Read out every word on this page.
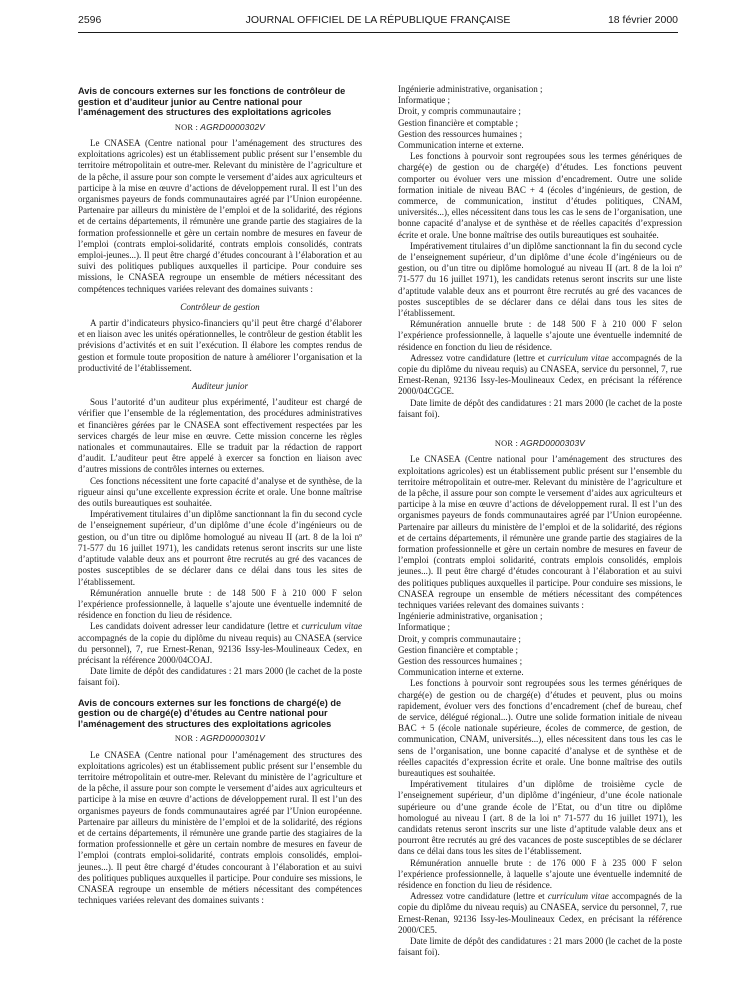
2596	JOURNAL OFFICIEL DE LA RÉPUBLIQUE FRANÇAISE	18 février 2000

Avis de concours externes sur les fonctions de contrôleur de gestion et d’auditeur junior au Centre national pour l’aménagement des structures des exploitations agricoles

NOR : AGRD0000302V

Le CNASEA (Centre national pour l’aménagement des structures des exploitations agricoles) est un établissement public présent sur l’ensemble du territoire métropolitain et outre-mer. Relevant du ministère de l’agriculture et de la pêche, il assure pour son compte le versement d’aides aux agriculteurs et participe à la mise en œuvre d’actions de développement rural. Il est l’un des organismes payeurs de fonds communautaires agréé par l’Union européenne. Partenaire par ailleurs du ministère de l’emploi et de la solidarité, des régions et de certains départements, il rémunère une grande partie des stagiaires de la formation professionnelle et gère un certain nombre de mesures en faveur de l’emploi (contrats emploi-solidarité, contrats emplois consolidés, contrats emploi-jeunes...). Il peut être chargé d’études concourant à l’élaboration et au suivi des politiques publiques auxquelles il participe. Pour conduire ses missions, le CNASEA regroupe un ensemble de métiers nécessitant des compétences techniques variées relevant des domaines suivants :

Contrôleur de gestion

A partir d’indicateurs physico-financiers qu’il peut être chargé d’élaborer et en liaison avec les unités opérationnelles, le contrôleur de gestion établit les prévisions d’activités et en suit l’exécution. Il élabore les comptes rendus de gestion et formule toute proposition de nature à améliorer l’organisation et la productivité de l’établissement.

Auditeur junior

Sous l’autorité d’un auditeur plus expérimenté, l’auditeur est chargé de vérifier que l’ensemble de la réglementation, des procédures administratives et financières gérées par le CNASEA sont effectivement respectées par les services chargés de leur mise en œuvre. Cette mission concerne les règles nationales et communautaires. Elle se traduit par la rédaction de rapport d’audit. L’auditeur peut être appelé à exercer sa fonction en liaison avec d’autres missions de contrôles internes ou externes.

Ces fonctions nécessitent une forte capacité d’analyse et de synthèse, de la rigueur ainsi qu’une excellente expression écrite et orale. Une bonne maîtrise des outils bureautiques est souhaitée.

Impérativement titulaires d’un diplôme sanctionnant la fin du second cycle de l’enseignement supérieur, d’un diplôme d’une école d’ingénieurs ou de gestion, ou d’un titre ou diplôme homologué au niveau II (art. 8 de la loi nº 71-577 du 16 juillet 1971), les candidats retenus seront inscrits sur une liste d’aptitude valable deux ans et pourront être recrutés au gré des vacances de postes susceptibles de se déclarer dans ce délai dans tous les sites de l’établissement.

Rémunération annuelle brute : de 148 500 F à 210 000 F selon l’expérience professionnelle, à laquelle s’ajoute une éventuelle indemnité de résidence en fonction du lieu de résidence.

Les candidats doivent adresser leur candidature (lettre et curriculum vitae accompagnés de la copie du diplôme du niveau requis) au CNASEA (service du personnel), 7, rue Ernest-Renan, 92136 Issy-les-Moulineaux Cedex, en précisant la référence 2000/04COAJ.

Date limite de dépôt des candidatures : 21 mars 2000 (le cachet de la poste faisant foi).

Avis de concours externes sur les fonctions de chargé(e) de gestion ou de chargé(e) d’études au Centre national pour l’aménagement des structures des exploitations agricoles

NOR : AGRD0000301V

Le CNASEA (Centre national pour l’aménagement des structures des exploitations agricoles) est un établissement public présent sur l’ensemble du territoire métropolitain et outre-mer. Relevant du ministère de l’agriculture et de la pêche, il assure pour son compte le versement d’aides aux agriculteurs et participe à la mise en œuvre d’actions de développement rural. Il est l’un des organismes payeurs de fonds communautaires agréé par l’Union européenne. Partenaire par ailleurs du ministère de l’emploi et de la solidarité, des régions et de certains départements, il rémunère une grande partie des stagiaires de la formation professionnelle et gère un certain nombre de mesures en faveur de l’emploi (contrats emploi-solidarité, contrats emplois consolidés, emploi-jeunes...). Il peut être chargé d’études concourant à l’élaboration et au suivi des politiques publiques auxquelles il participe. Pour conduire ses missions, le CNASEA regroupe un ensemble de métiers nécessitant des compétences techniques variées relevant des domaines suivants :

Ingénierie administrative, organisation ;

Informatique ;

Droit, y compris communautaire ;

Gestion financière et comptable ;

Gestion des ressources humaines ;

Communication interne et externe.

Les fonctions à pourvoir sont regroupées sous les termes génériques de chargé(e) de gestion ou de chargé(e) d’études. Les fonctions peuvent comporter ou évoluer vers une mission d’encadrement. Outre une solide formation initiale de niveau BAC + 4 (écoles d’ingénieurs, de gestion, de commerce, de communication, institut d’études politiques, CNAM, universités...), elles nécessitent dans tous les cas le sens de l’organisation, une bonne capacité d’analyse et de synthèse et de réelles capacités d’expression écrite et orale. Une bonne maîtrise des outils bureautiques est souhaitée.

Impérativement titulaires d’un diplôme sanctionnant la fin du second cycle de l’enseignement supérieur, d’un diplôme d’une école d’ingénieurs ou de gestion, ou d’un titre ou diplôme homologué au niveau II (art. 8 de la loi nº 71-577 du 16 juillet 1971), les candidats retenus seront inscrits sur une liste d’aptitude valable deux ans et pourront être recrutés au gré des vacances de postes susceptibles de se déclarer dans ce délai dans tous les sites de l’établissement.

Rémunération annuelle brute : de 148 500 F à 210 000 F selon l’expérience professionnelle, à laquelle s’ajoute une éventuelle indemnité de résidence en fonction du lieu de résidence.

Adressez votre candidature (lettre et curriculum vitae accompagnés de la copie du diplôme du niveau requis) au CNASEA, service du personnel, 7, rue Ernest-Renan, 92136 Issy-les-Moulineaux Cedex, en précisant la référence 2000/04CGCE.

Date limite de dépôt des candidatures : 21 mars 2000 (le cachet de la poste faisant foi).

NOR : AGRD0000303V

Le CNASEA (Centre national pour l’aménagement des structures des exploitations agricoles) est un établissement public présent sur l’ensemble du territoire métropolitain et outre-mer. Relevant du ministère de l’agriculture et de la pêche, il assure pour son compte le versement d’aides aux agriculteurs et participe à la mise en œuvre d’actions de développement rural. Il est l’un des organismes payeurs de fonds communautaires agréé par l’Union européenne. Partenaire par ailleurs du ministère de l’emploi et de la solidarité, des régions et de certains départements, il rémunère une grande partie des stagiaires de la formation professionnelle et gère un certain nombre de mesures en faveur de l’emploi (contrats emploi solidarité, contrats emplois consolidés, emplois jeunes...). Il peut être chargé d’études concourant à l’élaboration et au suivi des politiques publiques auxquelles il participe. Pour conduire ses missions, le CNASEA regroupe un ensemble de métiers nécessitant des compétences techniques variées relevant des domaines suivants :

Ingénierie administrative, organisation ;

Informatique ;

Droit, y compris communautaire ;

Gestion financière et comptable ;

Gestion des ressources humaines ;

Communication interne et externe.

Les fonctions à pourvoir sont regroupées sous les termes génériques de chargé(e) de gestion ou de chargé(e) d’études et peuvent, plus ou moins rapidement, évoluer vers des fonctions d’encadrement (chef de bureau, chef de service, délégué régional...). Outre une solide formation initiale de niveau BAC + 5 (école nationale supérieure, écoles de commerce, de gestion, de communication, CNAM, universités...), elles nécessitent dans tous les cas le sens de l’organisation, une bonne capacité d’analyse et de synthèse et de réelles capacités d’expression écrite et orale. Une bonne maîtrise des outils bureautiques est souhaitée.

Impérativement titulaires d’un diplôme de troisième cycle de l’enseignement supérieur, d’un diplôme d’ingénieur, d’une école nationale supérieure ou d’une grande école de l’Etat, ou d’un titre ou diplôme homologué au niveau I (art. 8 de la loi nº 71-577 du 16 juillet 1971), les candidats retenus seront inscrits sur une liste d’aptitude valable deux ans et pourront être recrutés au gré des vacances de poste susceptibles de se déclarer dans ce délai dans tous les sites de l’établissement.

Rémunération annuelle brute : de 176 000 F à 235 000 F selon l’expérience professionnelle, à laquelle s’ajoute une éventuelle indemnité de résidence en fonction du lieu de résidence.

Adressez votre candidature (lettre et curriculum vitae accompagnés de la copie du diplôme du niveau requis) au CNASEA, service du personnel, 7, rue Ernest-Renan, 92136 Issy-les-Moulineaux Cedex, en précisant la référence 2000/CE5.

Date limite de dépôt des candidatures : 21 mars 2000 (le cachet de la poste faisant foi).
